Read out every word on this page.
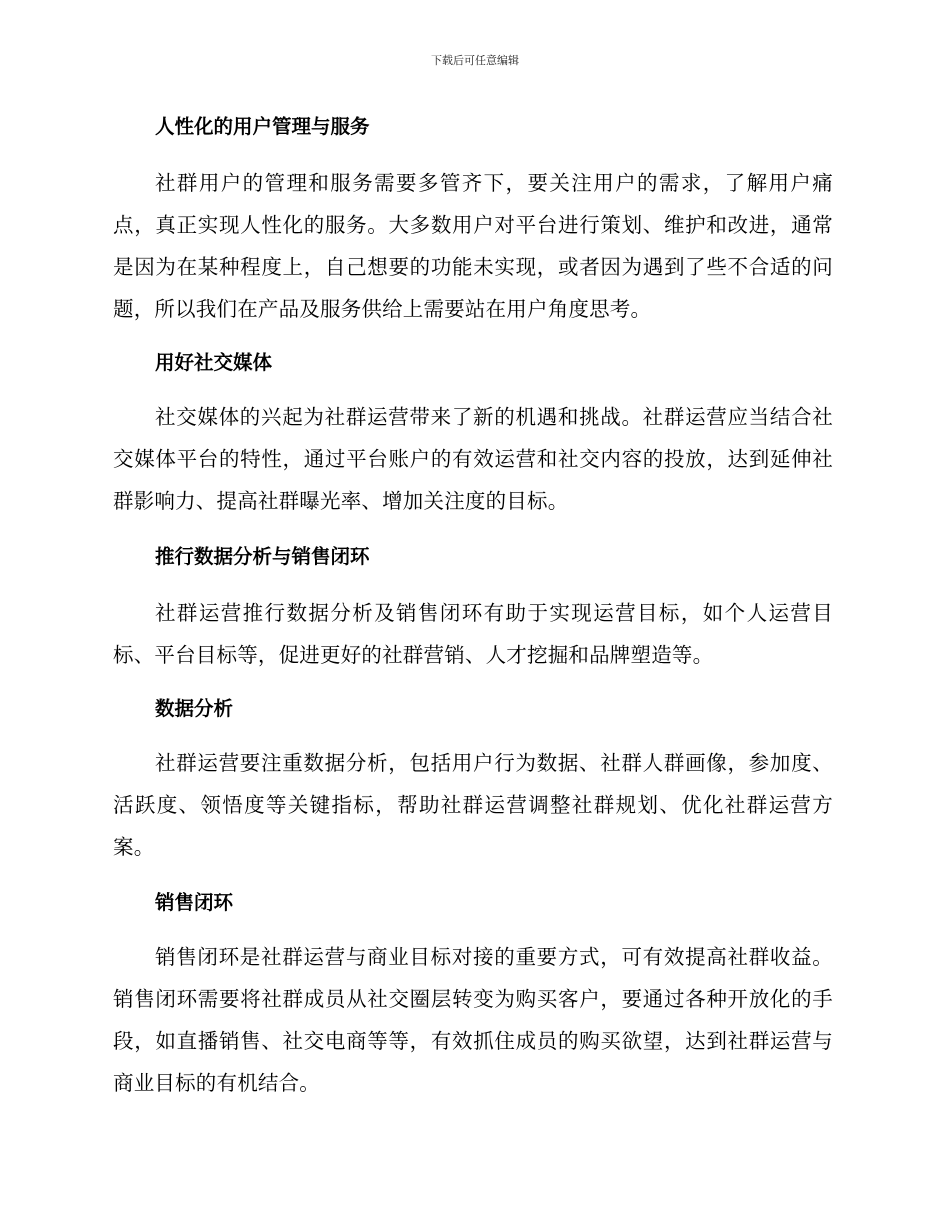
下载后可任意编辑
人性化的用户管理与服务

社群用户的管理和服务需要多管齐下，要关注用户的需求，了解用户痛点，真正实现人性化的服务。大多数用户对平台进行策划、维护和改进，通常是因为在某种程度上，自己想要的功能未实现，或者因为遇到了些不合适的问题，所以我们在产品及服务供给上需要站在用户角度思考。

用好社交媒体

社交媒体的兴起为社群运营带来了新的机遇和挑战。社群运营应当结合社交媒体平台的特性，通过平台账户的有效运营和社交内容的投放，达到延伸社群影响力、提高社群曝光率、增加关注度的目标。

推行数据分析与销售闭环

社群运营推行数据分析及销售闭环有助于实现运营目标，如个人运营目标、平台目标等，促进更好的社群营销、人才挖掘和品牌塑造等。

数据分析

社群运营要注重数据分析，包括用户行为数据、社群人群画像，参加度、活跃度、领悟度等关键指标，帮助社群运营调整社群规划、优化社群运营方案。

销售闭环

销售闭环是社群运营与商业目标对接的重要方式，可有效提高社群收益。销售闭环需要将社群成员从社交圈层转变为购买客户，要通过各种开放化的手段，如直播销售、社交电商等等，有效抓住成员的购买欲望，达到社群运营与商业目标的有机结合。
